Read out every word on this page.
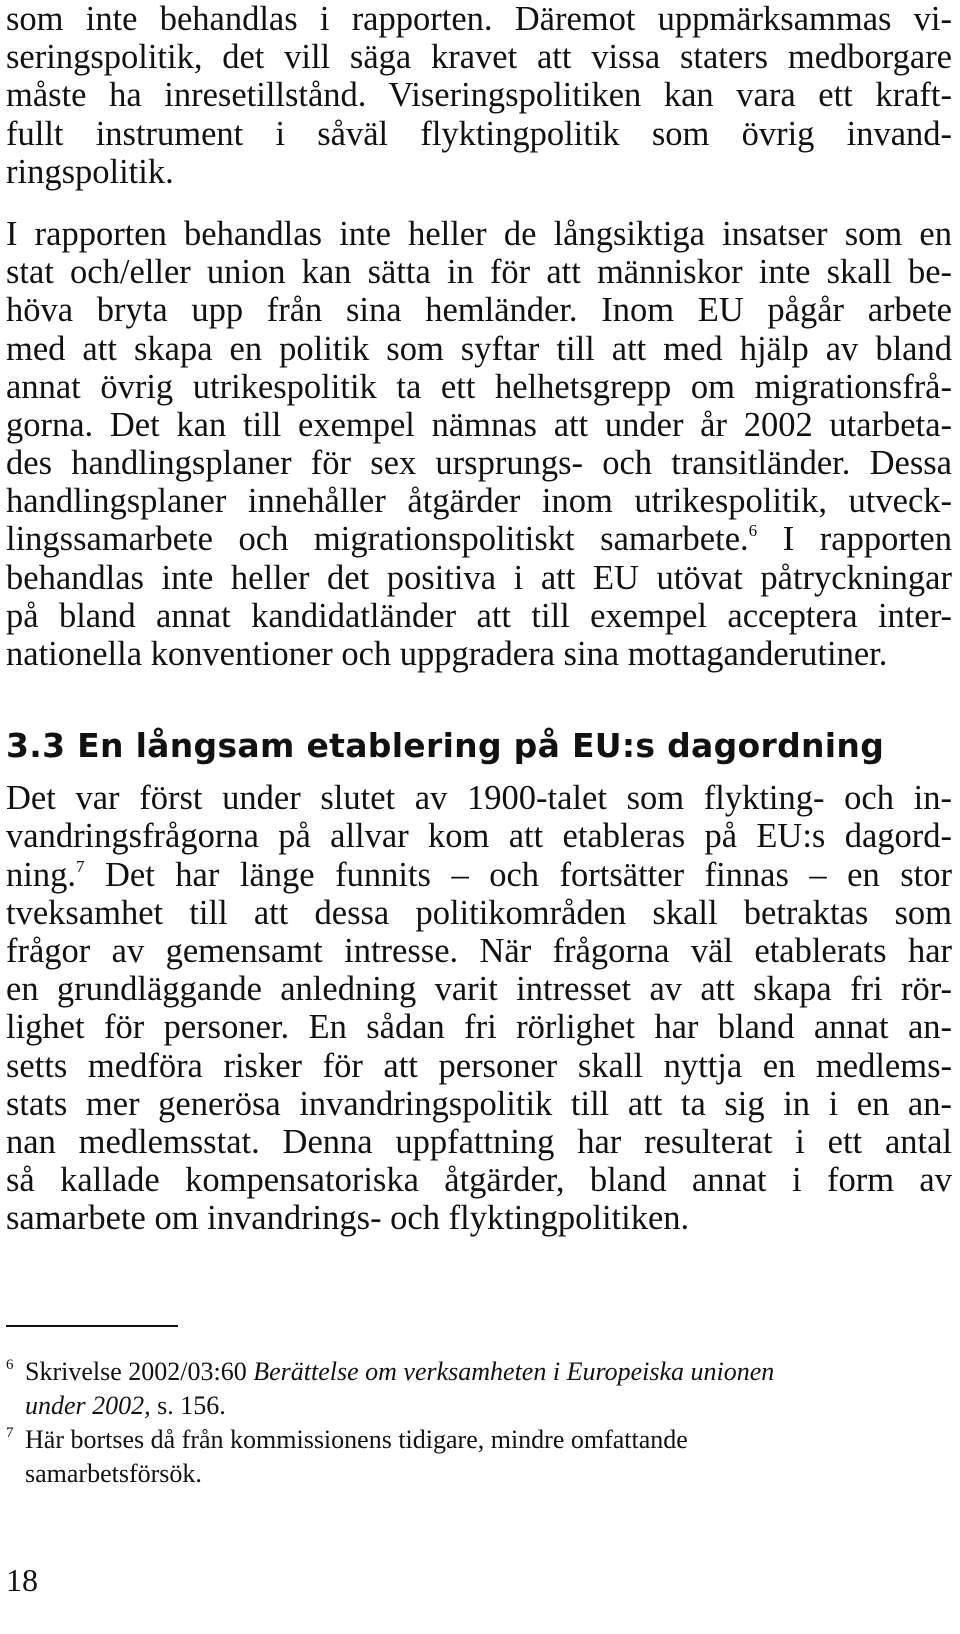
som inte behandlas i rapporten. Däremot uppmärksammas vi-
seringspolitik, det vill säga kravet att vissa staters medborgare
måste ha inresetillstånd. Viseringspolitiken kan vara ett kraft-
fullt instrument i såväl flyktingpolitik som övrig invand-
ringspolitik.
I rapporten behandlas inte heller de långsiktiga insatser som en
stat och/eller union kan sätta in för att människor inte skall be-
höva bryta upp från sina hemländer. Inom EU pågår arbete
med att skapa en politik som syftar till att med hjälp av bland
annat övrig utrikespolitik ta ett helhetsgrepp om migrationsfrå-
gorna. Det kan till exempel nämnas att under år 2002 utarbeta-
des handlingsplaner för sex ursprungs- och transitländer. Dessa
handlingsplaner innehåller åtgärder inom utrikespolitik, utveck-
lingssamarbete och migrationspolitiskt samarbete.$^6$ I rapporten
behandlas inte heller det positiva i att EU utövat påtryckningar
på bland annat kandidatländer att till exempel acceptera inter-
nationella konventioner och uppgradera sina mottaganderutiner.
3.3 En långsam etablering på EU:s dagordning
Det var först under slutet av 1900-talet som flykting- och in-
vandringsfrågorna på allvar kom att etableras på EU:s dagord-
ning.$^7$ Det har länge funnits – och fortsätter finnas – en stor
tveksamhet till att dessa politikområden skall betraktas som
frågor av gemensamt intresse. När frågorna väl etablerats har
en grundläggande anledning varit intresset av att skapa fri rör-
lighet för personer. En sådan fri rörlighet har bland annat an-
setts medföra risker för att personer skall nyttja en medlems-
stats mer generösa invandringspolitik till att ta sig in i en an-
nan medlemsstat. Denna uppfattning har resulterat i ett antal
så kallade kompensatoriska åtgärder, bland annat i form av
samarbete om invandrings- och flyktingpolitiken.
6 Skrivelse 2002/03:60 Berättelse om verksamheten i Europeiska unionen
under 2002, s. 156.
7 Här bortses då från kommissionens tidigare, mindre omfattande
samarbetsförsök.
18
